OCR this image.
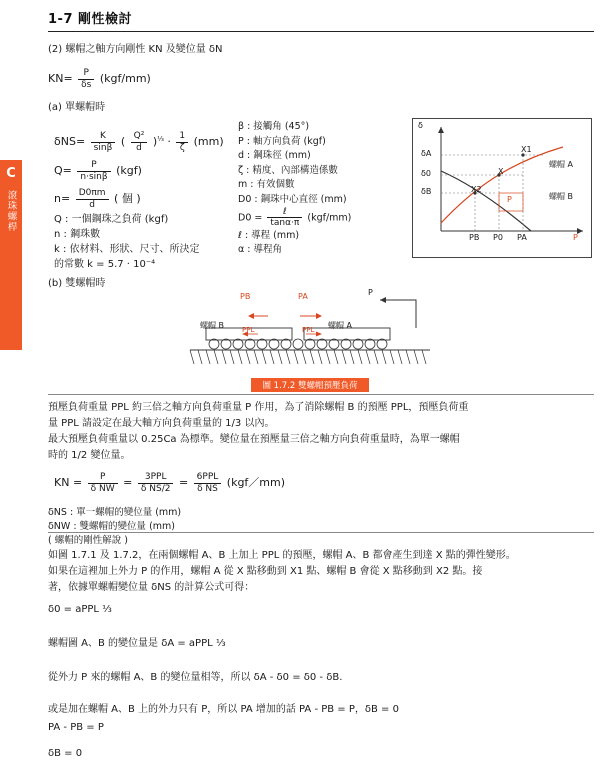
1-7 剛性檢討
C
滾珠螺桿
(2) 螺帽之軸方向剛性 KN 及變位量 δN
$KN= \frac{P}{\delta s} (kgf/mm)$
(a) 單螺帽時
$\delta NS= \frac{K}{\sin\beta}$ ( $\frac{\text{Q²}}{d} )^{\frac{1}{3}} \cdot \frac{1}{\zeta} (mm)$
$Q= \frac{P}{n\cdot\sin\beta} (kgf)$
$n= \frac{D0\pi m}{d}$ ( 個 )
Q : 一個鋼珠之負荷 (kgf)
n : 鋼珠數
k : 依材料、形狀、尺寸、所決定
的常數 k = 5.7 · 10⁻⁴
β : 接觸角 (45°)
P : 軸方向負荷 (kgf)
d : 鋼珠徑 (mm)
ζ : 精度、內部構造係數
m : 有效個數
D0 : 鋼珠中心直徑 (mm)
$D0 = \frac{\text{ℓ}}{\tan\alpha\cdot\pi} (kgf/mm)$
ℓ : 導程 (mm)
α : 導程角
δ
X1
X
X2
螺帽 A
螺帽 B
δA
δ0
δB
P
PB P0 PA	P
(b) 雙螺帽時
PB	PA	P
PPL	PPL
螺帽 B	螺帽 A
圖 1.7.2 雙螺帽預壓負荷
預壓負荷重量 PPL 約三倍之軸方向負荷重量 P 作用，為了消除螺帽 B 的預壓 PPL，預壓負荷重
量 PPL 請設定在最大軸方向負荷重量的 1/3 以內。
最大預壓負荷重量以 0.25Ca 為標準。變位量在預壓量三倍之軸方向負荷重量時，為單一螺帽
時的 1/2 變位量。
KN = $\frac{P}{\text{δ NW}} = \frac{\text{3PPL}}{\text{δ NS/2}} = \frac{\text{6PPL}}{\text{δ NS}}$ (kgf／mm)
δNS : 單一螺帽的變位量 (mm)
δNW : 雙螺帽的變位量 (mm)
( 螺帽的剛性解說 )
如圖 1.7.1 及 1.7.2，在兩個螺帽 A、B 上加上 PPL 的預壓，螺帽 A、B 都會產生到達 X 點的彈性變形。
如果在這裡加上外力 P 的作用，螺帽 A 從 X 點移動到 X1 點、螺帽 B 會從 X 點移動到 X2 點。接
著，依據單螺帽變位量 δNS 的計算公式可得：
δ0 = aPPL ⅓
螺帽圖 A、B 的變位量是 δA = aPPL ⅓
從外力 P 來的螺帽 A、B 的變位量相等，所以 δA - δ0 = δ0 - δB.
或是加在螺帽 A、B 上的外力只有 P，所以 PA 增加的話 PA - PB = P，δB = 0
PA - PB = P
δB = 0
